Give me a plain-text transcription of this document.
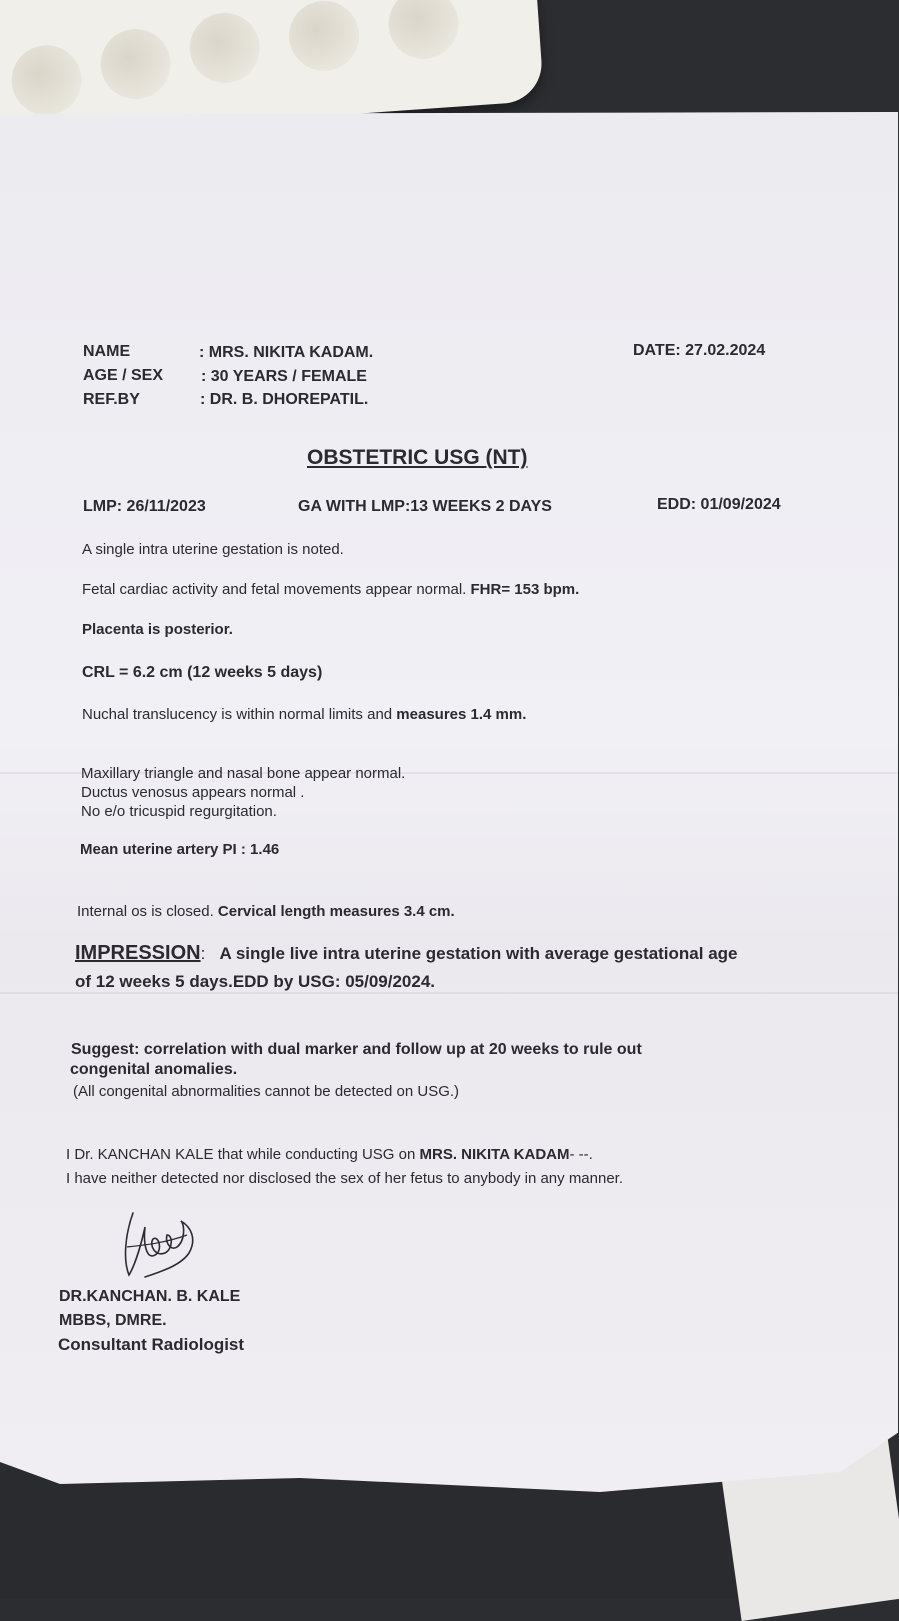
NAME	: MRS. NIKITA KADAM.
AGE / SEX : 30 YEARS / FEMALE
REF.BY	: DR. B. DHOREPATIL.
DATE: 27.02.2024
OBSTETRIC USG (NT)
LMP: 26/11/2023	GA WITH LMP:13 WEEKS 2 DAYS	EDD: 01/09/2024
A single intra uterine gestation is noted.
Fetal cardiac activity and fetal movements appear normal. FHR= 153 bpm.
Placenta is posterior.
CRL = 6.2 cm (12 weeks 5 days)
Nuchal translucency is within normal limits and measures 1.4 mm.
Maxillary triangle and nasal bone appear normal.
Ductus venosus appears normal .
No e/o tricuspid regurgitation.
Mean uterine artery PI : 1.46
Internal os is closed. Cervical length measures 3.4 cm.
IMPRESSION: A single live intra uterine gestation with average gestational age
of 12 weeks 5 days.EDD by USG: 05/09/2024.
Suggest: correlation with dual marker and follow up at 20 weeks to rule out
congenital anomalies.
(All congenital abnormalities cannot be detected on USG.)
I Dr. KANCHAN KALE that while conducting USG on MRS. NIKITA KADAM- --.
I have neither detected nor disclosed the sex of her fetus to anybody in any manner.
DR.KANCHAN. B. KALE
MBBS, DMRE.
Consultant Radiologist
